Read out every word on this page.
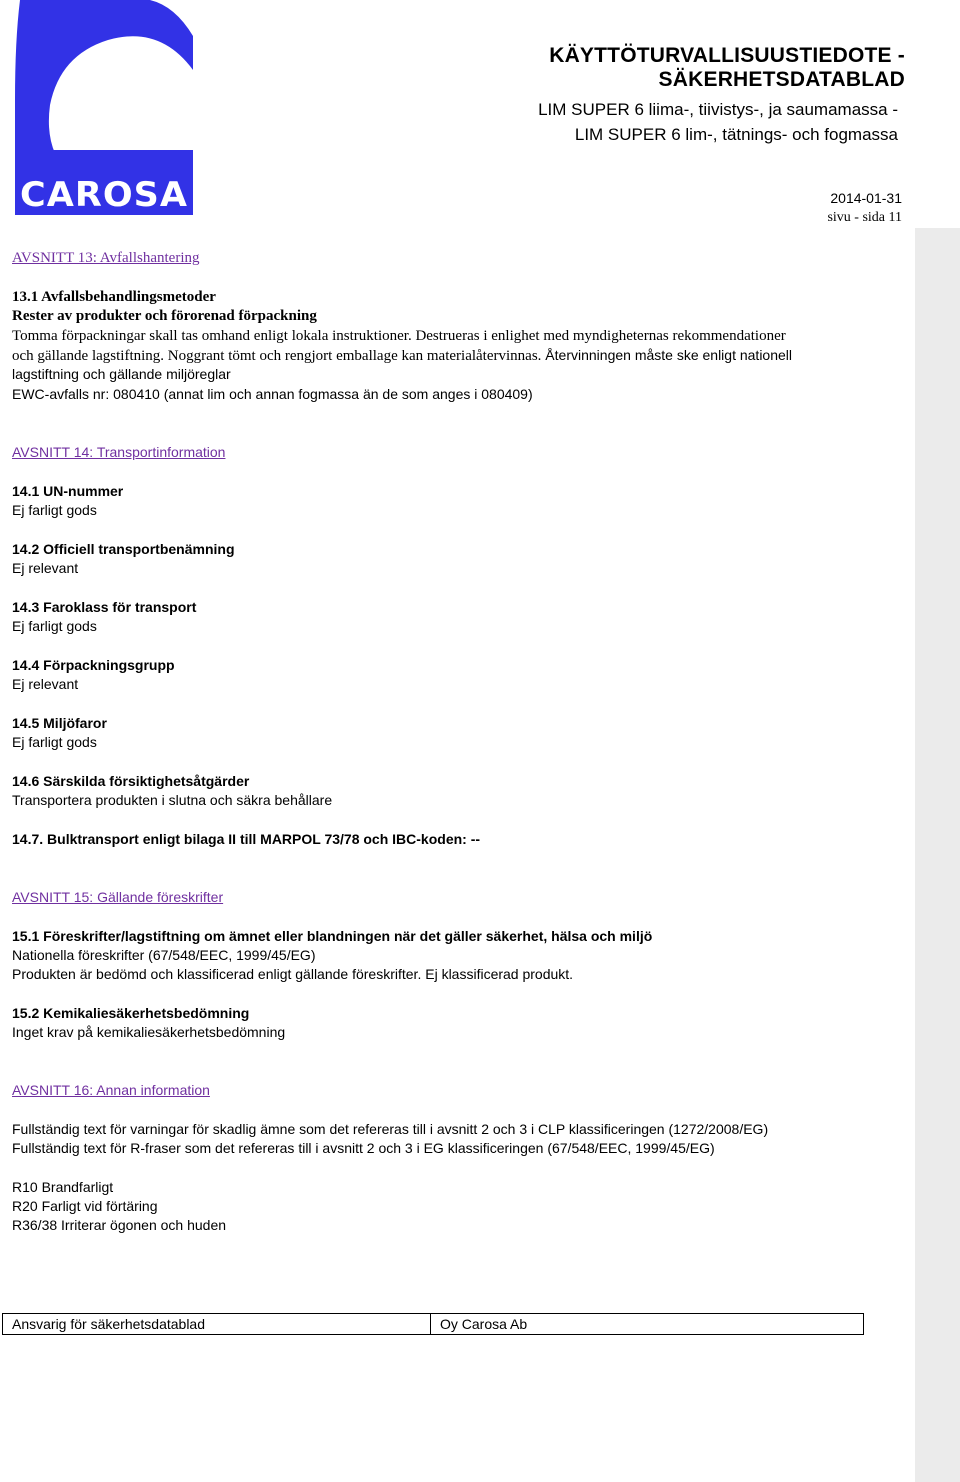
CAROSA
KÄYTTÖTURVALLISUUSTIEDOTE - SÄKERHETSDATABLAD
LIM SUPER 6 liima-, tiivistys-, ja saumamassa -
LIM SUPER 6 lim-, tätnings- och fogmassa
2014-01-31
sivu - sida 11
AVSNITT 13: Avfallshantering
13.1 Avfallsbehandlingsmetoder
Rester av produkter och förorenad förpackning
Tomma förpackningar skall tas omhand enligt lokala instruktioner. Destrueras i enlighet med myndigheternas rekommendationer
och gällande lagstiftning. Noggrant tömt och rengjort emballage kan materialåtervinnas. Återvinningen måste ske enligt nationell
lagstiftning och gällande miljöreglar
EWC-avfalls nr: 080410 (annat lim och annan fogmassa än de som anges i 080409)
AVSNITT 14: Transportinformation
14.1 UN-nummer
Ej farligt gods
14.2 Officiell transportbenämning
Ej relevant
14.3 Faroklass för transport
Ej farligt gods
14.4 Förpackningsgrupp
Ej relevant
14.5 Miljöfaror
Ej farligt gods
14.6 Särskilda försiktighetsåtgärder
Transportera produkten i slutna och säkra behållare
14.7. Bulktransport enligt bilaga II till MARPOL 73/78 och IBC-koden: --
AVSNITT 15: Gällande föreskrifter
15.1 Föreskrifter/lagstiftning om ämnet eller blandningen när det gäller säkerhet, hälsa och miljö
Nationella föreskrifter (67/548/EEC, 1999/45/EG)
Produkten är bedömd och klassificerad enligt gällande föreskrifter. Ej klassificerad produkt.
15.2 Kemikaliesäkerhetsbedömning
Inget krav på kemikaliesäkerhetsbedömning
AVSNITT 16: Annan information
Fullständig text för varningar för skadlig ämne som det refereras till i avsnitt 2 och 3 i CLP klassificeringen (1272/2008/EG)
Fullständig text för R-fraser som det refereras till i avsnitt 2 och 3 i EG klassificeringen (67/548/EEC, 1999/45/EG)
R10 Brandfarligt
R20 Farligt vid förtäring
R36/38 Irriterar ögonen och huden
Ansvarig för säkerhetsdatablad	Oy Carosa Ab
